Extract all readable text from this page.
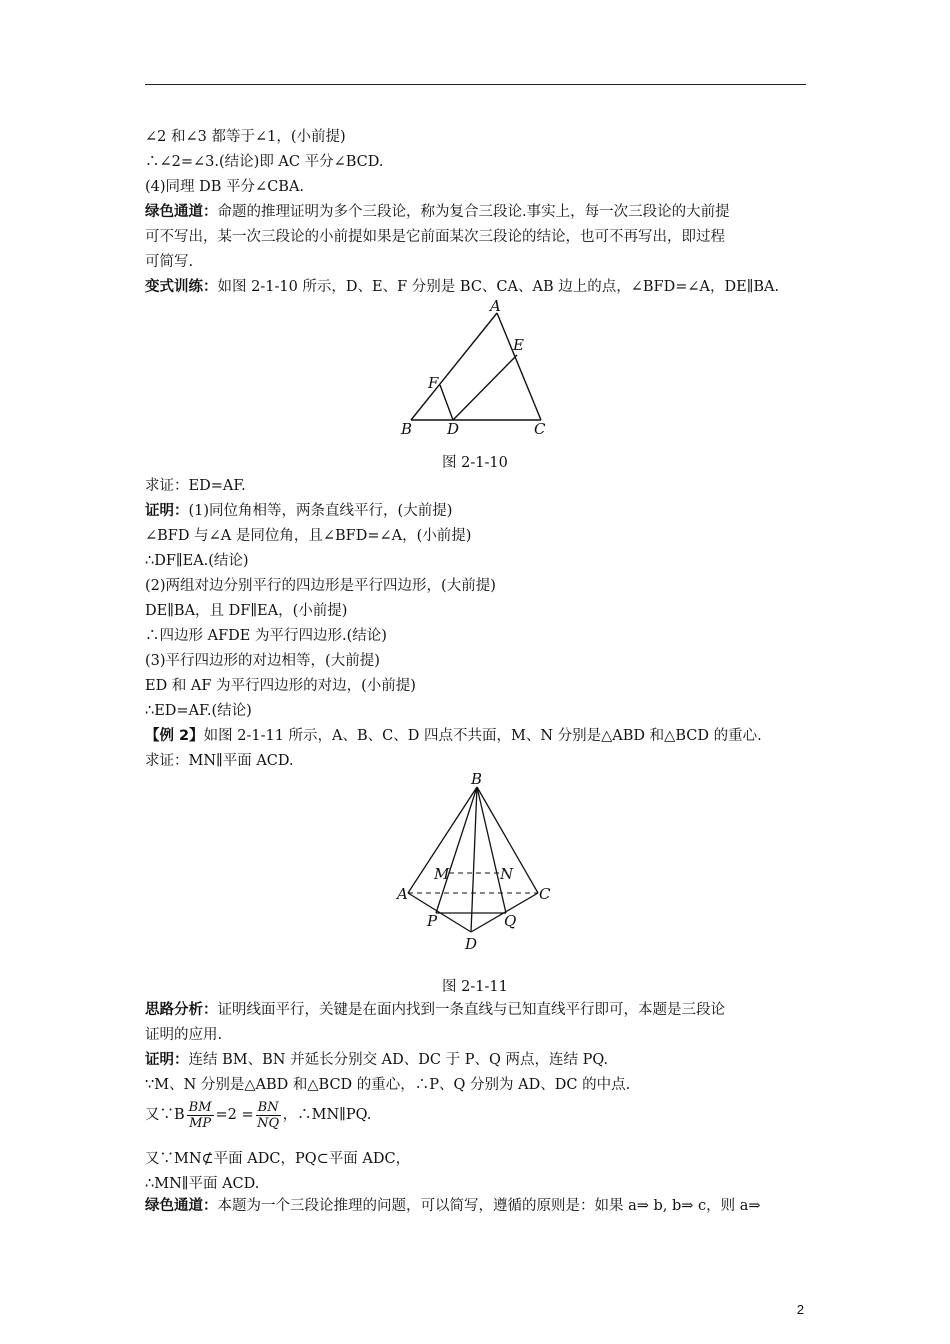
∠2 和∠3 都等于∠1，(小前提)
∴∠2=∠3.(结论)即 AC 平分∠BCD.
(4)同理 DB 平分∠CBA.
绿色通道：命题的推理证明为多个三段论，称为复合三段论.事实上，每一次三段论的大前提
可不写出，某一次三段论的小前提如果是它前面某次三段论的结论，也可不再写出，即过程
可简写.
变式训练：如图 2-1-10 所示，D、E、F 分别是 BC、CA、AB 边上的点，∠BFD=∠A，DE∥BA.
A
E
F
B D	C
图 2-1-10
求证：ED=AF.
证明：(1)同位角相等，两条直线平行，(大前提)
∠BFD 与∠A 是同位角，且∠BFD=∠A，(小前提)
∴DF∥EA.(结论)
(2)两组对边分别平行的四边形是平行四边形，(大前提)
DE∥BA，且 DF∥EA，(小前提)
∴四边形 AFDE 为平行四边形.(结论)
(3)平行四边形的对边相等，(大前提)
ED 和 AF 为平行四边形的对边，(小前提)
∴ED=AF.(结论)
【例 2】如图 2-1-11 所示，A、B、C、D 四点不共面，M、N 分别是△ABD 和△BCD 的重心.
求证：MN∥平面 ACD.
B
M	N
A	C
P	Q
D
图 2-1-11
思路分析：证明线面平行，关键是在面内找到一条直线与已知直线平行即可，本题是三段论
证明的应用.
证明：连结 BM、BN 并延长分别交 AD、DC 于 P、Q 两点，连结 PQ.
∵M、N 分别是△ABD 和△BCD 的重心，∴P、Q 分别为 AD、DC 的中点.
又∵B $\frac{BM}{MP} =2 = \frac{BN}{NQ}$ ，∴MN∥PQ.
又∵MN⊄平面 ADC，PQ⊂平面 ADC，
∴MN∥平面 ACD.
绿色通道：本题为一个三段论推理的问题，可以简写，遵循的原则是：如果 a⇒ b, b⇒ c，则 a⇒
2
